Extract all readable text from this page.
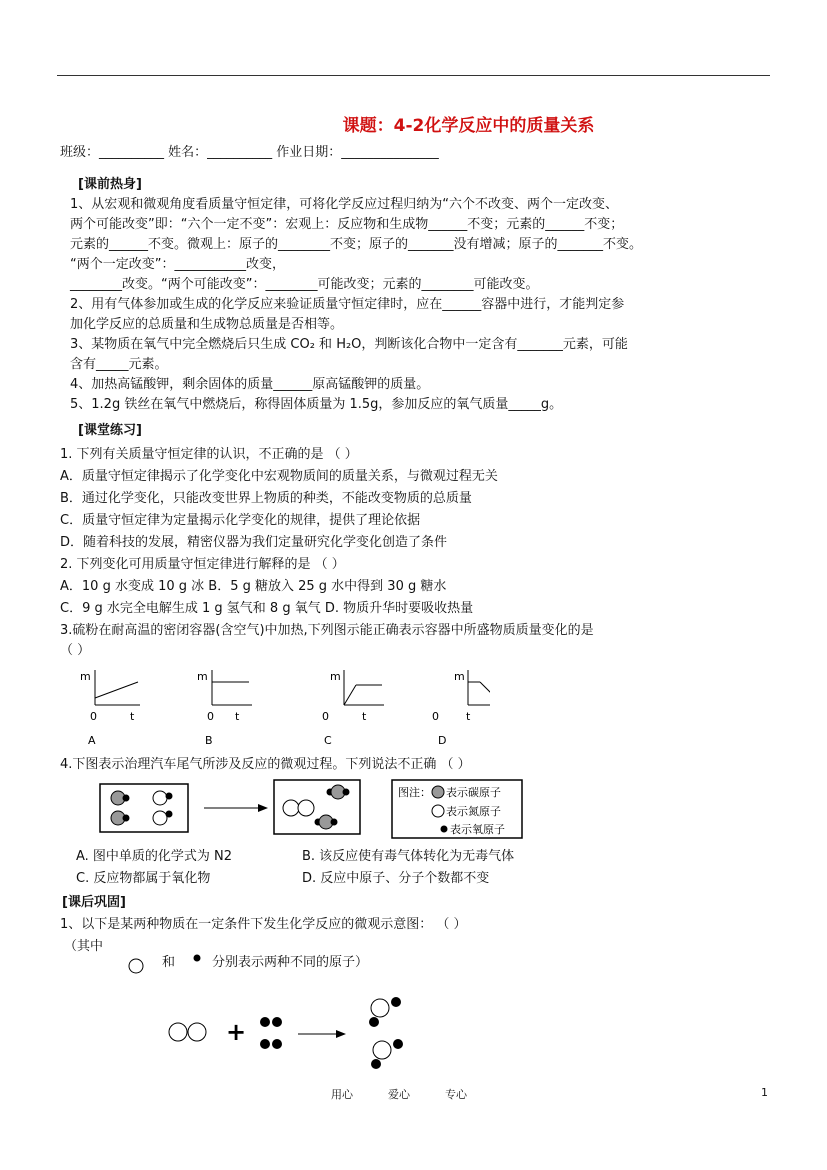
课题：4-2化学反应中的质量关系
班级：__________ 姓名：__________ 作业日期：_______________
[课前热身]
1、从宏观和微观角度看质量守恒定律，可将化学反应过程归纳为“六个不改变、两个一定改变、
两个可能改变”即：“六个一定不变”：宏观上：反应物和生成物______不变；元素的______不变；
元素的______不变。微观上：原子的________不变；原子的_______没有增减；原子的_______不变。
“两个一定改变”：___________改变，
________改变。“两个可能改变”：________可能改变；元素的________可能改变。
2、用有气体参加或生成的化学反应来验证质量守恒定律时，应在______容器中进行，才能判定参
加化学反应的总质量和生成物总质量是否相等。
3、某物质在氧气中完全燃烧后只生成 CO₂ 和 H₂O，判断该化合物中一定含有_______元素，可能
含有_____元素。
4、加热高锰酸钾，剩余固体的质量______原高锰酸钾的质量。
5、1.2g 铁丝在氧气中燃烧后，称得固体质量为 1.5g，参加反应的氧气质量_____g。
[课堂练习]
1. 下列有关质量守恒定律的认识，不正确的是 （ ）
A．质量守恒定律揭示了化学变化中宏观物质间的质量关系，与微观过程无关
B．通过化学变化，只能改变世界上物质的种类，不能改变物质的总质量
C．质量守恒定律为定量揭示化学变化的规律，提供了理论依据
D．随着科技的发展，精密仪器为我们定量研究化学变化创造了条件
2. 下列变化可用质量守恒定律进行解释的是 （ ）
A．10 g 水变成 10 g 冰 B．5 g 糖放入 25 g 水中得到 30 g 糖水
C．9 g 水完全电解生成 1 g 氢气和 8 g 氧气 D. 物质升华时要吸收热量
3.硫粉在耐高温的密闭容器(含空气)中加热,下列图示能正确表示容器中所盛物质质量变化的是
（ ）
m
0	t
A
m
0 t
B
m
0	t
C
m
0 t
D
4.下图表示治理汽车尾气所涉及反应的微观过程。下列说法不正确 （ ）
图注： 表示碳原子
表示氮原子
表示氧原子
A. 图中单质的化学式为 N2	B. 该反应使有毒气体转化为无毒气体
C. 反应物都属于氧化物	D. 反应中原子、分子个数都不变
[课后巩固]
1、以下是某两种物质在一定条件下发生化学反应的微观示意图： （ ）
（其中
和	分别表示两种不同的原子）
+
用心	爱心	专心	1
